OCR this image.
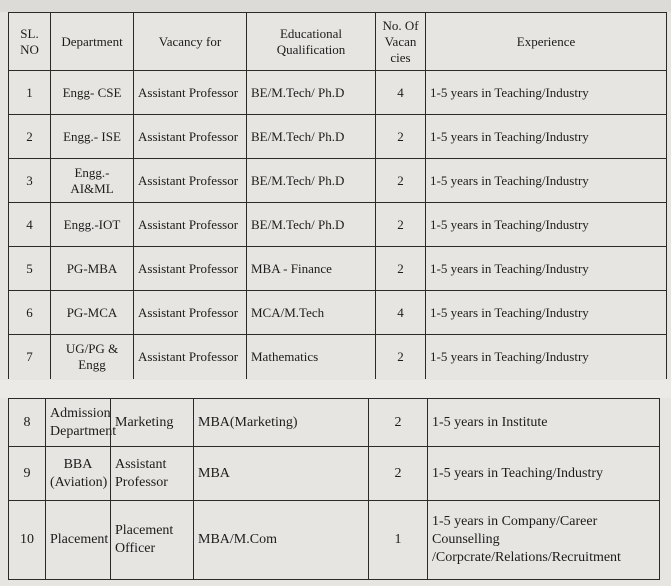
SL. NO	Department	Vacancy for	Educational Qualification	No. Of Vacan cies	Experience
1	Engg- CSE	Assistant Professor	BE/M.Tech/ Ph.D	4	1-5 years in Teaching/Industry
2	Engg.- ISE	Assistant Professor	BE/M.Tech/ Ph.D	2	1-5 years in Teaching/Industry
3	Engg.- AI&ML	Assistant Professor	BE/M.Tech/ Ph.D	2	1-5 years in Teaching/Industry
4	Engg.-IOT	Assistant Professor	BE/M.Tech/ Ph.D	2	1-5 years in Teaching/Industry
5	PG-MBA	Assistant Professor	MBA - Finance	2	1-5 years in Teaching/Industry
6	PG-MCA	Assistant Professor	MCA/M.Tech	4	1-5 years in Teaching/Industry
7	UG/PG & Engg	Assistant Professor	Mathematics	2	1-5 years in Teaching/Industry
8	Admission Department	Marketing	MBA(Marketing)	2	1-5 years in Institute
9	BBA (Aviation)	Assistant Professor	MBA	2	1-5 years in Teaching/Industry
10	Placement	Placement Officer	MBA/M.Com	1	1-5 years in Company/Career Counselling /Corpcrate/Relations/Recruitment
